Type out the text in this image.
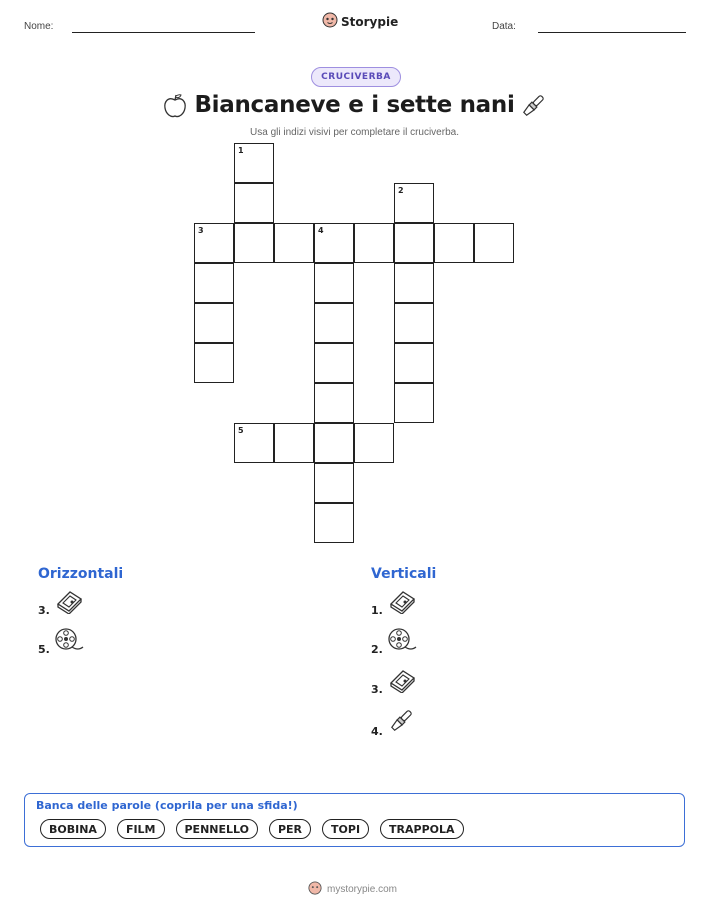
Nome:	Storypie	Data:
CRUCIVERBA
Biancaneve e i sette nani
Usa gli indizi visivi per completare il cruciverba.
1
2
3	4
5
Orizzontali	Verticali
3.
5.
1.
2.
3.
4.
Banca delle parole (coprila per una sfida!)
BOBINA	FILM	PENNELLO	PER	TOPI	TRAPPOLA
mystorypie.com
